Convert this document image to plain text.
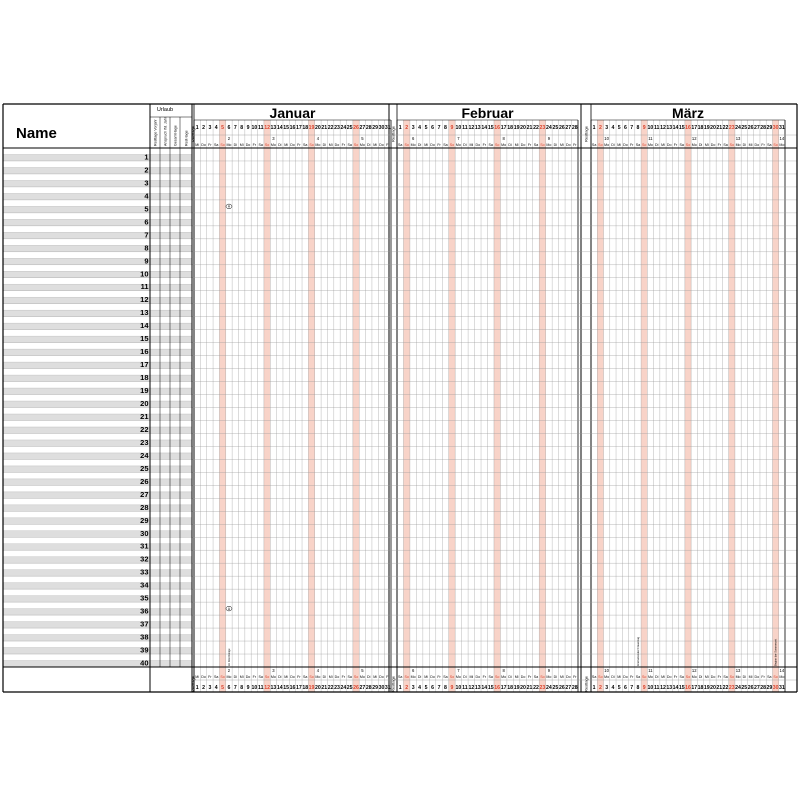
Name
Urlaub	Januar
Resttage
Resttage
1
Mi
Mi
1
2
Do
Do
2
3
Fr
Fr
3
4
Sa
Sa
4
5
So
So
5
6
Mo
Mo
6
7
Di
Di
7
8
Mi
Mi
8
9
Do
Do
9
10
Fr
Fr
10
11
Sa
Sa
11
12
So
So
12
13
Mo
Mo
13
14
Di
Di
14
15
Mi
Mi
15
16
Do
Do
16
17
Fr
Fr
17
18
Sa
Sa
18
19
So
So
19
20
Mo
Mo
20
21
Di
Di
21
22
Mi
Mi
22
23
Do
Do
23
24
Fr
Fr
24
25
Sa
Sa
25
26
So
So
26
27
Mo
Mo
27
28
Di
Di
28
29
Mi
Mi
29
30
Do
Do
30
31
Fr
Fr
31
2
2
3
3
4
4
5
5
A
A
Hl. Drei Könige
Februar
Resttage
Resttage
1
Sa
Sa
1
2
So
So
2
3
Mo
Mo
3
4
Di
Di
4
5
Mi
Mi
5
6
Do
Do
6
7
Fr
Fr
7
8
Sa
Sa
8
9
So
So
9
10
Mo
Mo
10
11
Di
Di
11
12
Mi
Mi
12
13
Do
Do
13
14
Fr
Fr
14
15
Sa
Sa
15
16
So
So
16
17
Mo
Mo
17
18
Di
Di
18
19
Mi
Mi
19
20
Do
Do
20
21
Fr
Fr
21
22
Sa
Sa
22
23
So
So
23
24
Mo
Mo
24
25
Di
Di
25
26
Mi
Mi
26
27
Do
Do
27
28
Fr
Fr
28
6
6
7
7
8
8
9
9
März
Resttage
Resttage
1
Sa
Sa
1
2
So
So
2
3
Mo
Mo
3
4
Di
Di
4
5
Mi
Mi
5
6
Do
Do
6
7
Fr
Fr
7
8
Sa
Sa
8
9
So
So
9
10
Mo
Mo
10
11
Di
Di
11
12
Mi
Mi
12
13
Do
Do
13
14
Fr
Fr
14
15
Sa
Sa
15
16
So
So
16
17
Mo
Mo
17
18
Di
Di
18
19
Mi
Mi
19
20
Do
Do
20
21
Fr
Fr
21
22
Sa
Sa
22
23
So
So
23
24
Mo
Mo
24
25
Di
Di
25
26
Mi
Mi
26
27
Do
Do
27
28
Fr
Fr
28
29
Sa
Sa
29
30
So
So
30
31
Mo
Mo
31
10
10
11
11
12
12
13
13
14
14
Internationaler Frauentag	Beginn der Sommerzeit
Resttage Vorjahr Anspruch lfd. Jahr Gesamt-tage Rest-tage
1
2
3
4
5
6
7
8
9
10
11
12
13
14
15
16
17
18
19
20
21
22
23
24
25
26
27
28
29
30
31
32
33
34
35
36
37
38
39
40
